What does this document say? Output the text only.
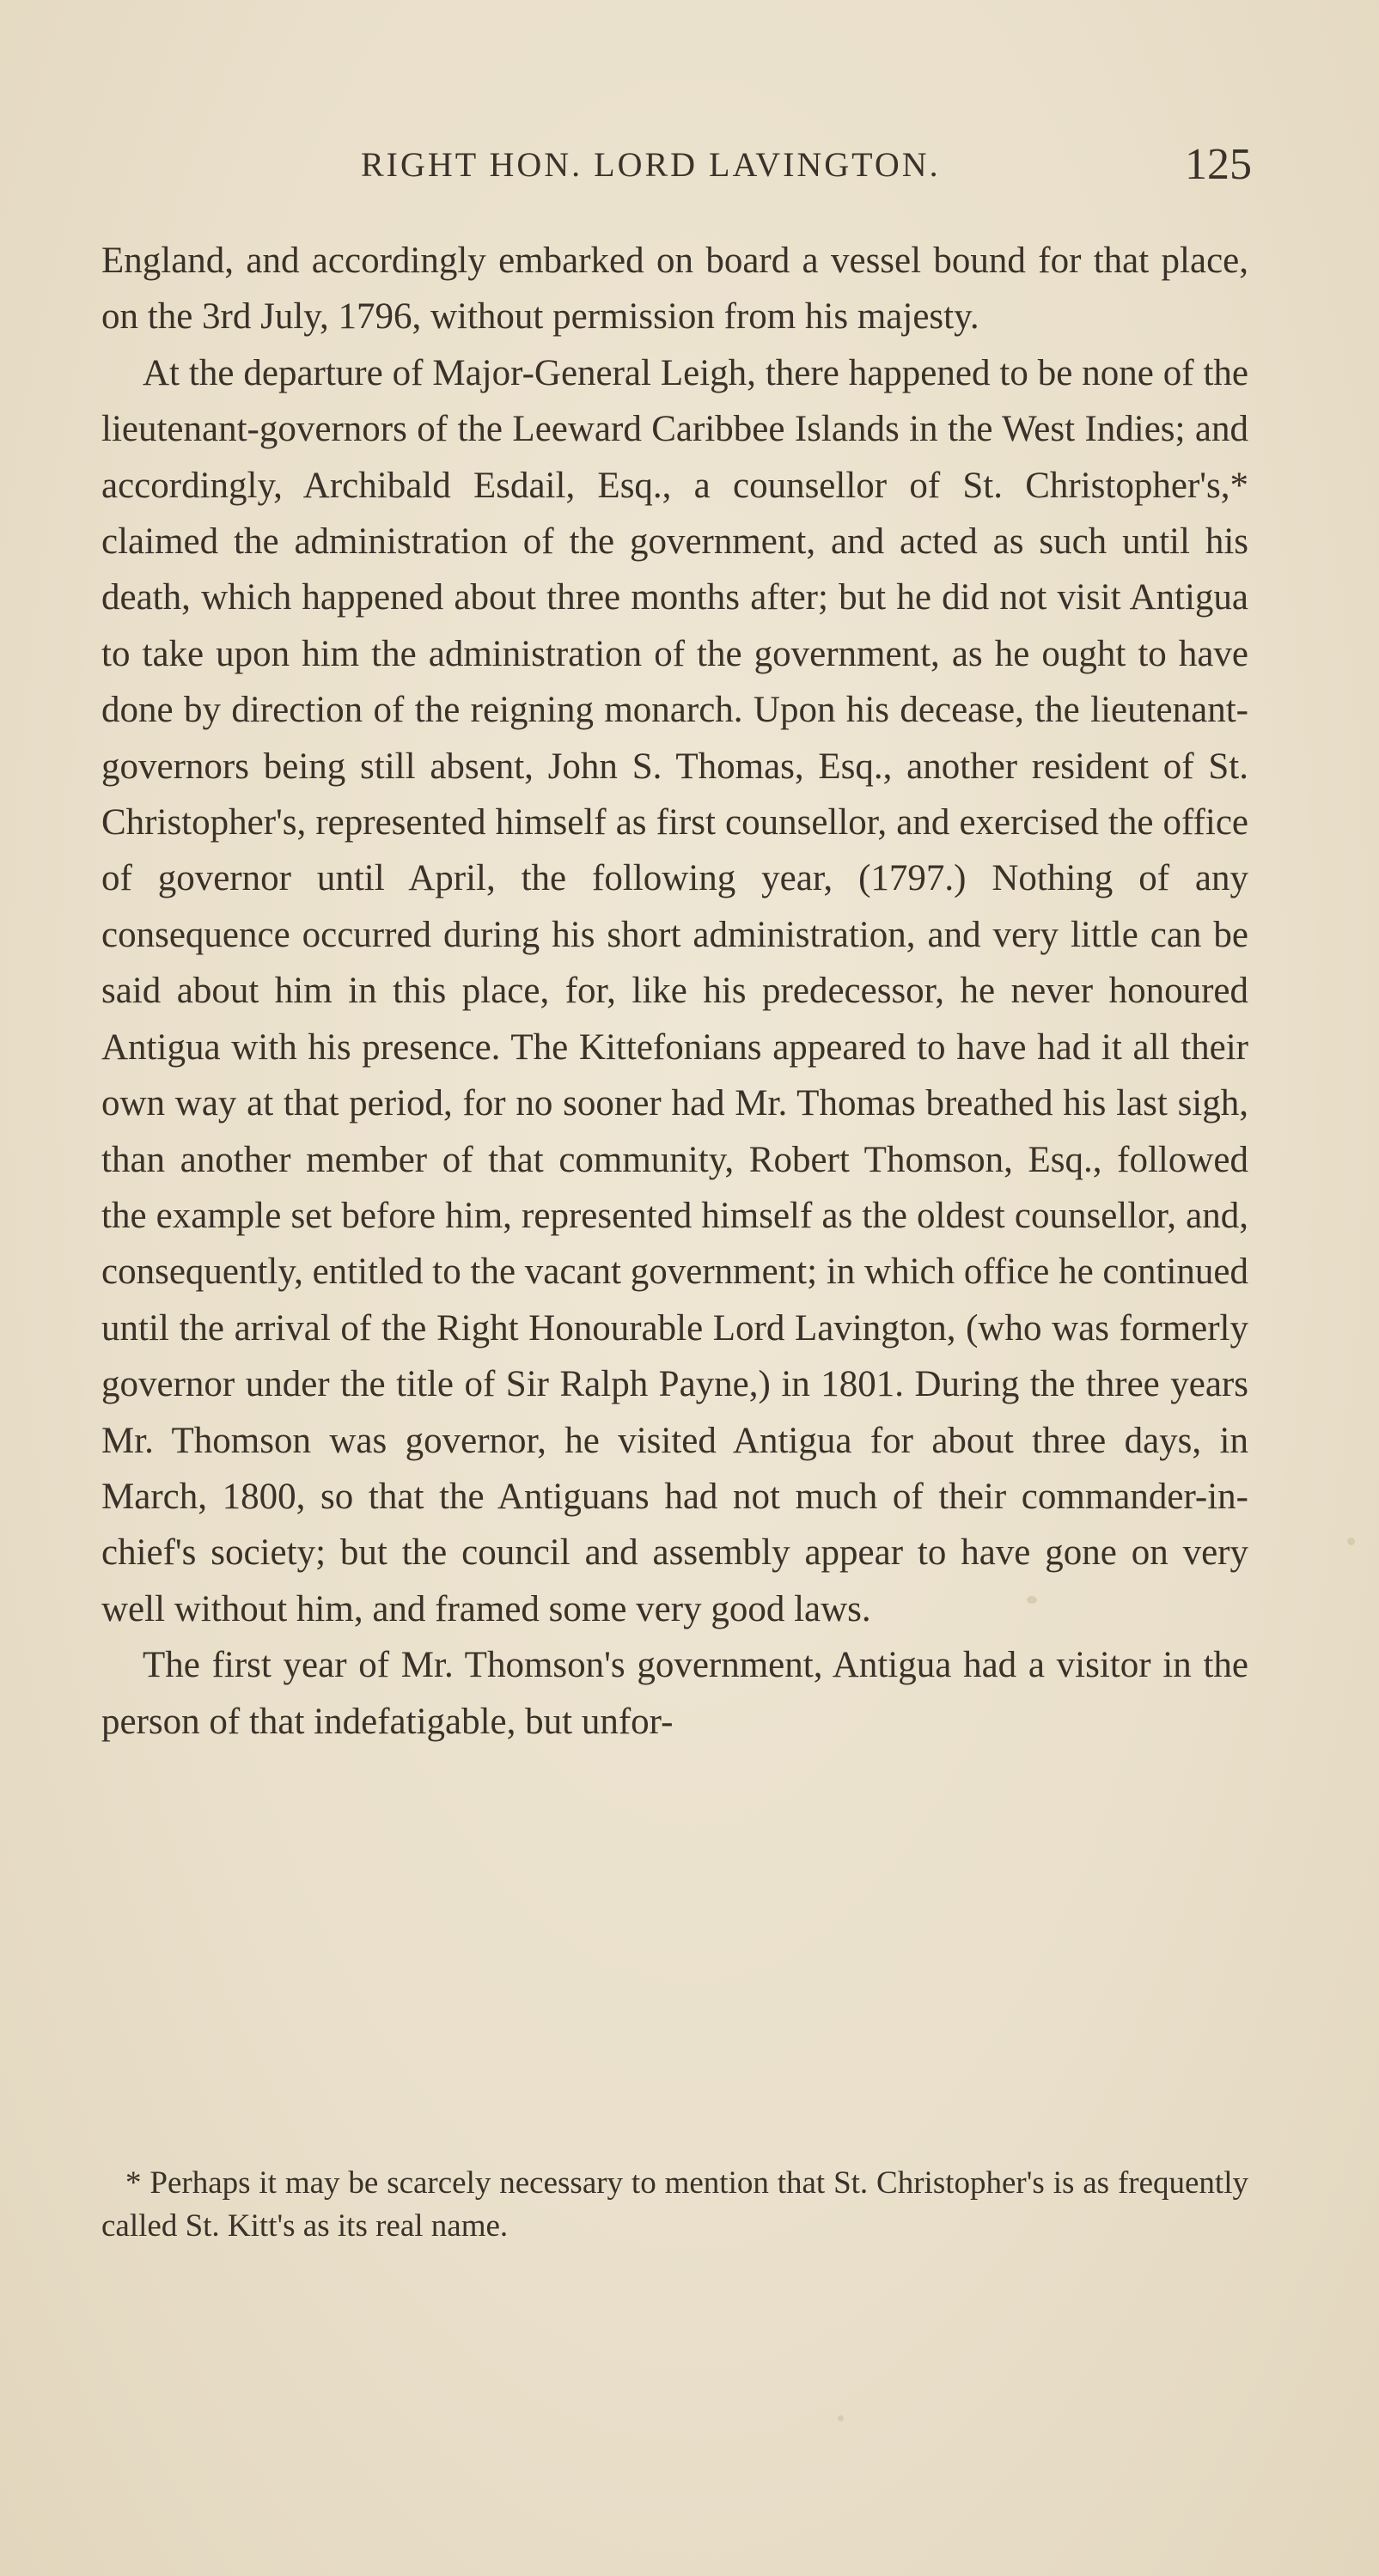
RIGHT HON. LORD LAVINGTON.	125

England, and accordingly embarked on board a vessel bound for that place, on the 3rd July, 1796, without permission from his majesty.

At the departure of Major-General Leigh, there happened to be none of the lieutenant-governors of the Leeward Caribbee Islands in the West Indies; and accordingly, Archibald Esdail, Esq., a counsellor of St. Christopher's,* claimed the administration of the government, and acted as such until his death, which happened about three months after; but he did not visit Antigua to take upon him the administration of the government, as he ought to have done by direction of the reigning monarch. Upon his decease, the lieutenant-governors being still absent, John S. Thomas, Esq., another resident of St. Christopher's, represented himself as first counsellor, and exercised the office of governor until April, the following year, (1797.) Nothing of any consequence occurred during his short administration, and very little can be said about him in this place, for, like his predecessor, he never honoured Antigua with his presence. The Kittefonians appeared to have had it all their own way at that period, for no sooner had Mr. Thomas breathed his last sigh, than another member of that community, Robert Thomson, Esq., followed the example set before him, represented himself as the oldest counsellor, and, consequently, entitled to the vacant government; in which office he continued until the arrival of the Right Honourable Lord Lavington, (who was formerly governor under the title of Sir Ralph Payne,) in 1801. During the three years Mr. Thomson was governor, he visited Antigua for about three days, in March, 1800, so that the Antiguans had not much of their commander-in-chief's society; but the council and assembly appear to have gone on very well without him, and framed some very good laws.

The first year of Mr. Thomson's government, Antigua had a visitor in the person of that indefatigable, but unfor-

* Perhaps it may be scarcely necessary to mention that St. Christopher's is as frequently called St. Kitt's as its real name.
